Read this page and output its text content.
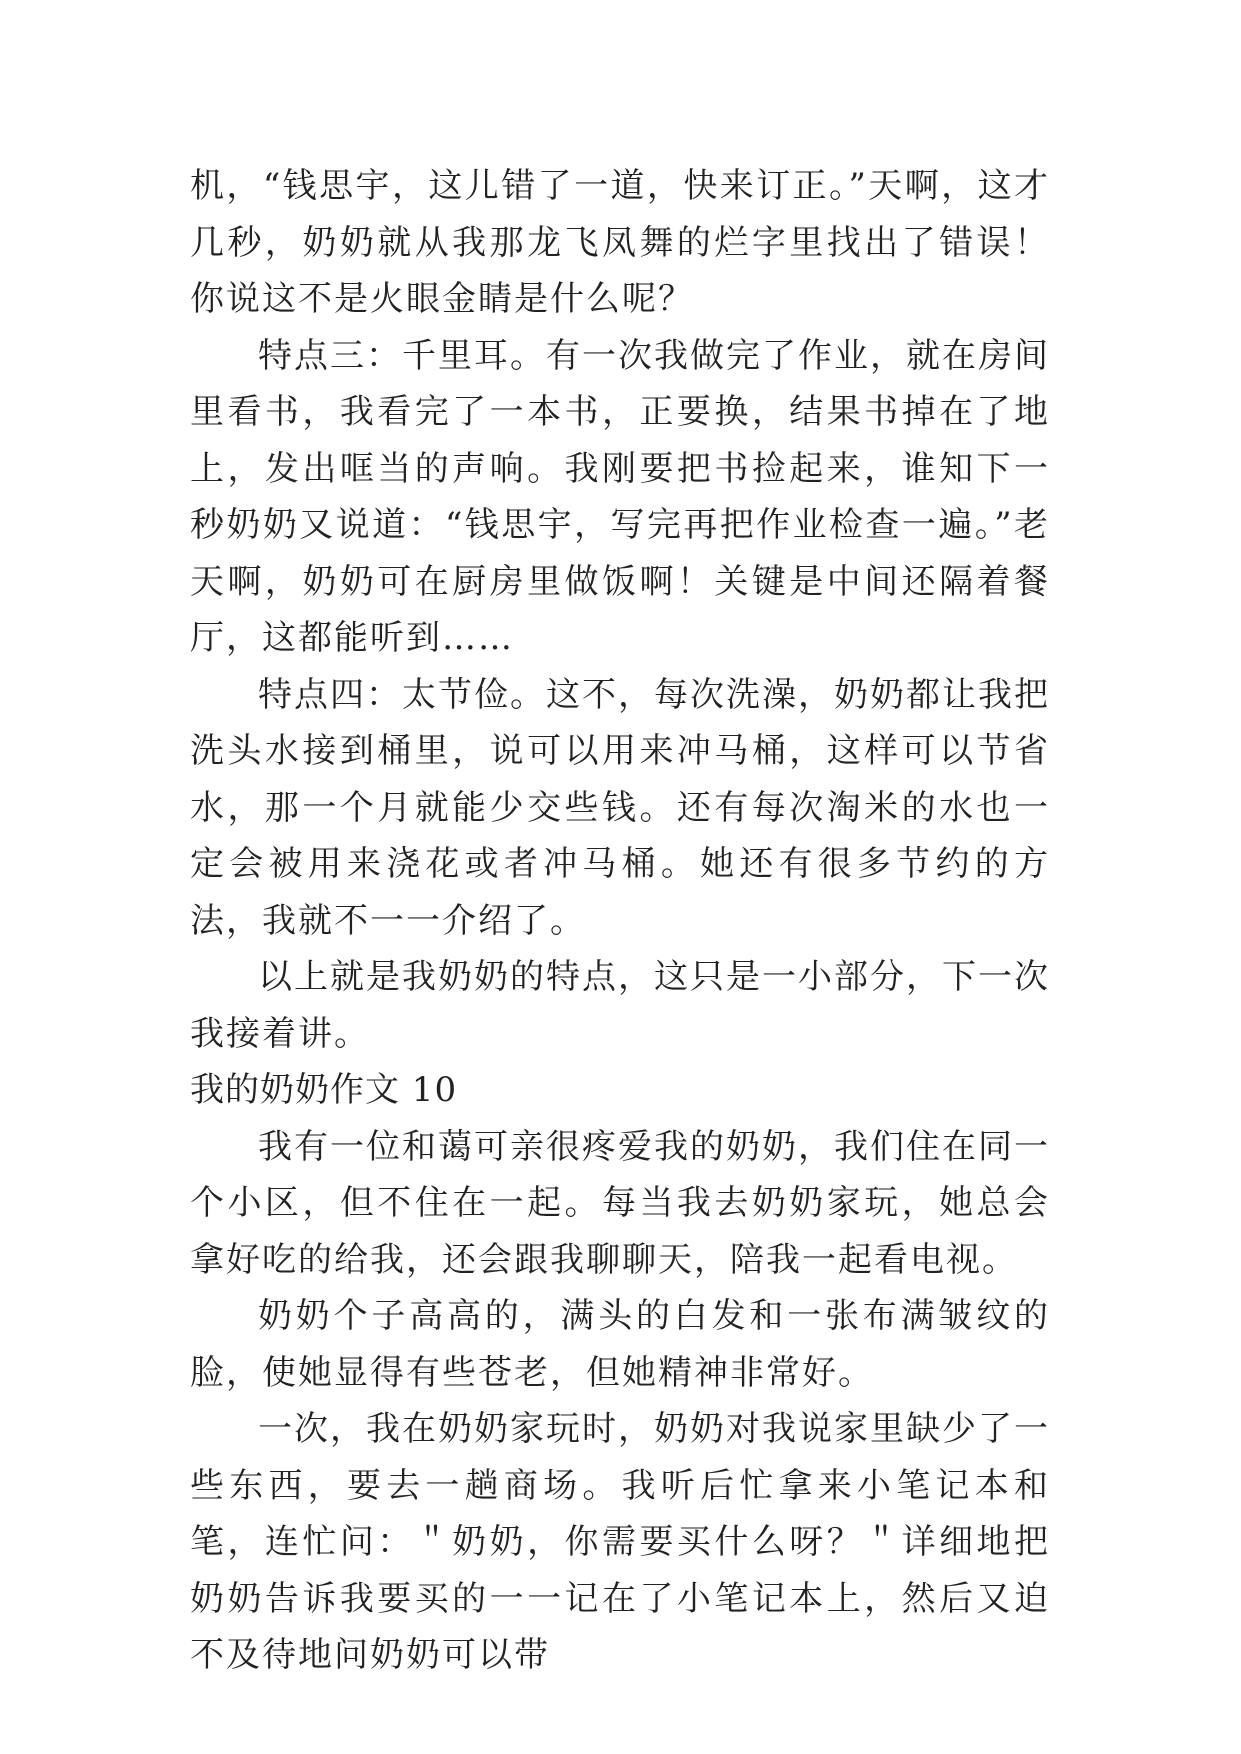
机，“钱思宇，这儿错了一道，快来订正。”天啊，这才几秒，奶奶就从我那龙飞凤舞的烂字里找出了错误！你说这不是火眼金睛是什么呢？

特点三：千里耳。有一次我做完了作业，就在房间里看书，我看完了一本书，正要换，结果书掉在了地上，发出哐当的声响。我刚要把书捡起来，谁知下一秒奶奶又说道：“钱思宇，写完再把作业检查一遍。”老天啊，奶奶可在厨房里做饭啊！关键是中间还隔着餐厅，这都能听到……

特点四：太节俭。这不，每次洗澡，奶奶都让我把洗头水接到桶里，说可以用来冲马桶，这样可以节省水，那一个月就能少交些钱。还有每次淘米的水也一定会被用来浇花或者冲马桶。她还有很多节约的方法，我就不一一介绍了。

以上就是我奶奶的特点，这只是一小部分，下一次我接着讲。

我的奶奶作文 10

我有一位和蔼可亲很疼爱我的奶奶，我们住在同一个小区，但不住在一起。每当我去奶奶家玩，她总会拿好吃的给我，还会跟我聊聊天，陪我一起看电视。

奶奶个子高高的，满头的白发和一张布满皱纹的脸，使她显得有些苍老，但她精神非常好。

一次，我在奶奶家玩时，奶奶对我说家里缺少了一些东西，要去一趟商场。我听后忙拿来小笔记本和笔，连忙问：＂奶奶，你需要买什么呀？＂详细地把奶奶告诉我要买的一一记在了小笔记本上，然后又迫不及待地问奶奶可以带
